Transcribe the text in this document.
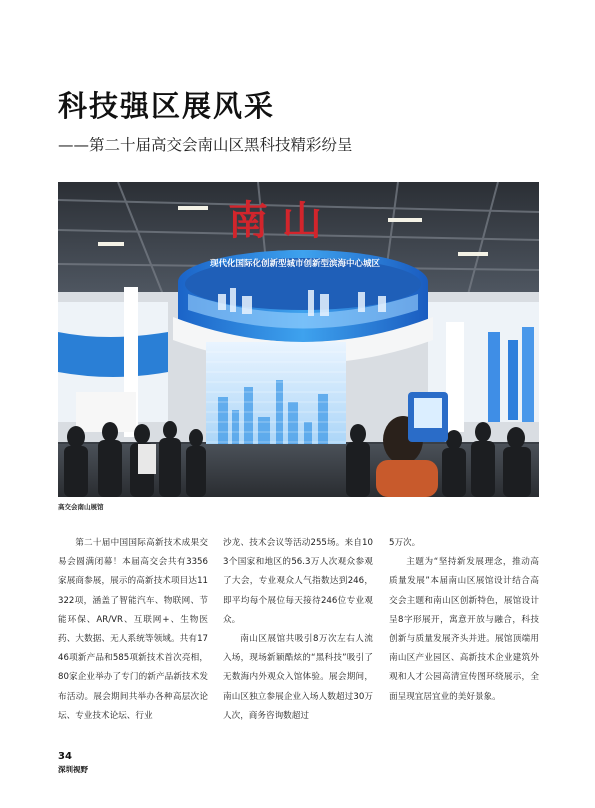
科技强区展风采
——第二十届高交会南山区黑科技精彩纷呈
南 山
现代化国际化创新型城市创新型滨海中心城区
高交会南山展馆

第二十届中国国际高新技术成果交易会圆满闭幕！本届高交会共有3356家展商参展，展示的高新技术项目达11322项，涵盖了智能汽车、物联网、节能环保、AR/VR、互联网+、生物医药、大数据、无人系统等领域。共有1746项新产品和585项新技术首次亮相，80家企业举办了专门的新产品新技术发布活动。展会期间共举办各种高层次论坛、专业技术论坛、行业

沙龙、技术会议等活动255场。来自103个国家和地区的56.3万人次观众参观了大会，专业观众人气指数达到246，即平均每个展位每天接待246位专业观众。

南山区展馆共吸引8万次左右人流入场，现场新颖酷炫的“黑科技”吸引了无数海内外观众入馆体验。展会期间，南山区独立参展企业入场人数超过30万人次，商务咨询数超过

5万次。

主题为“坚持新发展理念，推动高质量发展”本届南山区展馆设计结合高交会主题和南山区创新特色，展馆设计呈8字形展开，寓意开放与融合，科技创新与质量发展齐头并进。展馆顶端用南山区产业园区、高新技术企业建筑外观和人才公园高清宣传图环绕展示，全面呈现宜居宜业的美好景象。

34
深圳视野
